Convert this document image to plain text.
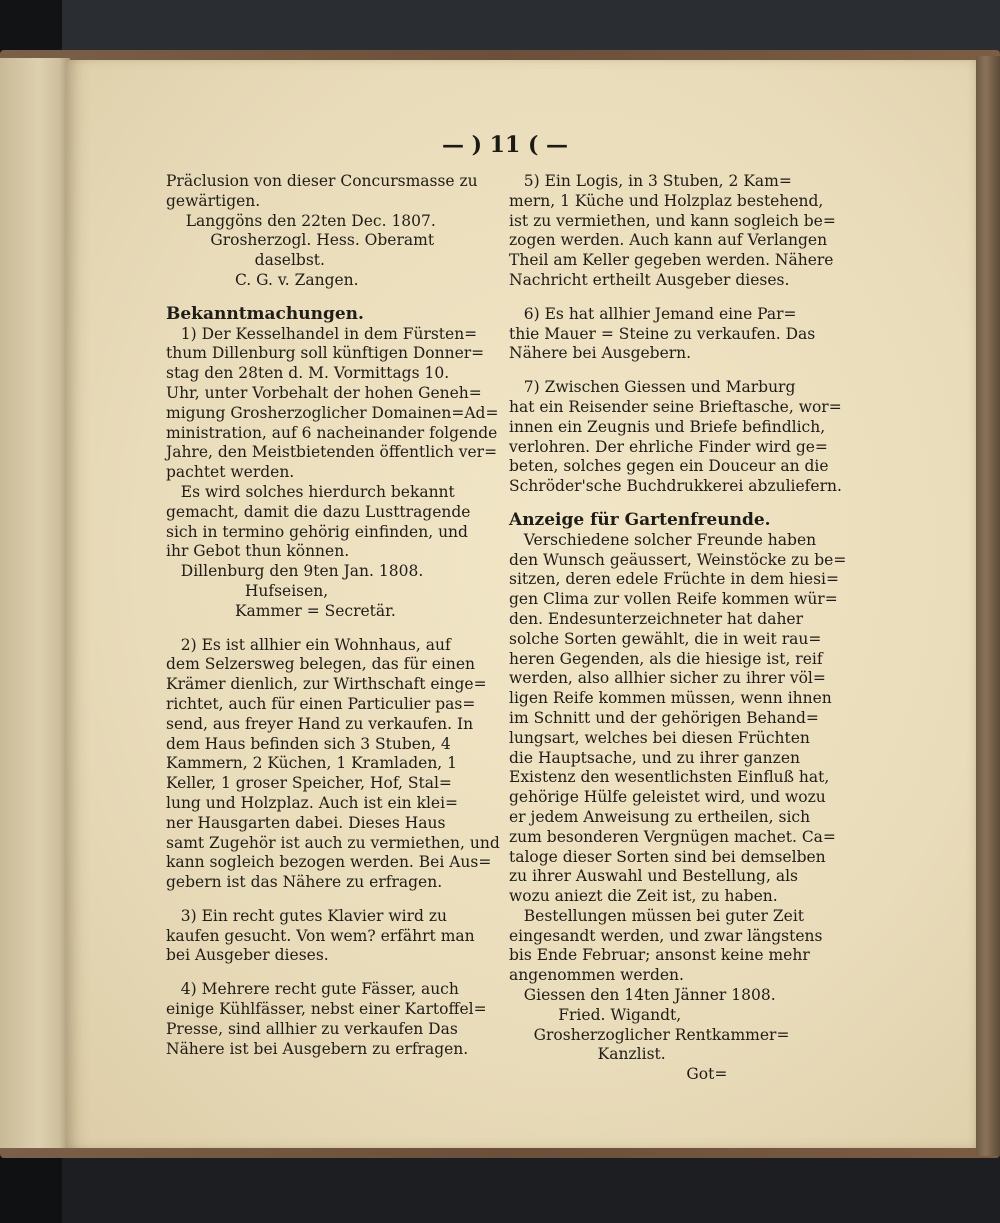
— ) 11 ( —
Präclusion von dieser Concursmasse zu
gewärtigen.
Langgöns den 22ten Dec. 1807.
Grosherzogl. Hess. Oberamt
daselbst.
C. G. v. Zangen.
Bekanntmachungen.
1) Der Kesselhandel in dem Fürsten=
thum Dillenburg soll künftigen Donner=
stag den 28ten d. M. Vormittags 10.
Uhr, unter Vorbehalt der hohen Geneh=
migung Grosherzoglicher Domainen=Ad=
ministration, auf 6 nacheinander folgende
Jahre, den Meistbietenden öffentlich ver=
pachtet werden.
Es wird solches hierdurch bekannt
gemacht, damit die dazu Lusttragende
sich in termino gehörig einfinden, und
ihr Gebot thun können.
Dillenburg den 9ten Jan. 1808.
Hufseisen,
Kammer = Secretär.
2) Es ist allhier ein Wohnhaus, auf
dem Selzersweg belegen, das für einen
Krämer dienlich, zur Wirthschaft einge=
richtet, auch für einen Particulier pas=
send, aus freyer Hand zu verkaufen. In
dem Haus befinden sich 3 Stuben, 4
Kammern, 2 Küchen, 1 Kramladen, 1
Keller, 1 groser Speicher, Hof, Stal=
lung und Holzplaz. Auch ist ein klei=
ner Hausgarten dabei. Dieses Haus
samt Zugehör ist auch zu vermiethen, und
kann sogleich bezogen werden. Bei Aus=
gebern ist das Nähere zu erfragen.
3) Ein recht gutes Klavier wird zu
kaufen gesucht. Von wem? erfährt man
bei Ausgeber dieses.
4) Mehrere recht gute Fässer, auch
einige Kühlfässer, nebst einer Kartoffel=
Presse, sind allhier zu verkaufen Das
Nähere ist bei Ausgebern zu erfragen.
5) Ein Logis, in 3 Stuben, 2 Kam=
mern, 1 Küche und Holzplaz bestehend,
ist zu vermiethen, und kann sogleich be=
zogen werden. Auch kann auf Verlangen
Theil am Keller gegeben werden. Nähere
Nachricht ertheilt Ausgeber dieses.
6) Es hat allhier Jemand eine Par=
thie Mauer = Steine zu verkaufen. Das
Nähere bei Ausgebern.
7) Zwischen Giessen und Marburg
hat ein Reisender seine Brieftasche, wor=
innen ein Zeugnis und Briefe befindlich,
verlohren. Der ehrliche Finder wird ge=
beten, solches gegen ein Douceur an die
Schröder'sche Buchdrukkerei abzuliefern.
Anzeige für Gartenfreunde.
Verschiedene solcher Freunde haben
den Wunsch geäussert, Weinstöcke zu be=
sitzen, deren edele Früchte in dem hiesi=
gen Clima zur vollen Reife kommen wür=
den. Endesunterzeichneter hat daher
solche Sorten gewählt, die in weit rau=
heren Gegenden, als die hiesige ist, reif
werden, also allhier sicher zu ihrer völ=
ligen Reife kommen müssen, wenn ihnen
im Schnitt und der gehörigen Behand=
lungsart, welches bei diesen Früchten
die Hauptsache, und zu ihrer ganzen
Existenz den wesentlichsten Einfluß hat,
gehörige Hülfe geleistet wird, und wozu
er jedem Anweisung zu ertheilen, sich
zum besonderen Vergnügen machet. Ca=
taloge dieser Sorten sind bei demselben
zu ihrer Auswahl und Bestellung, als
wozu aniezt die Zeit ist, zu haben.
Bestellungen müssen bei guter Zeit
eingesandt werden, und zwar längstens
bis Ende Februar; ansonst keine mehr
angenommen werden.
Giessen den 14ten Jänner 1808.
Fried. Wigandt,
Grosherzoglicher Rentkammer=
Kanzlist.
Got=
